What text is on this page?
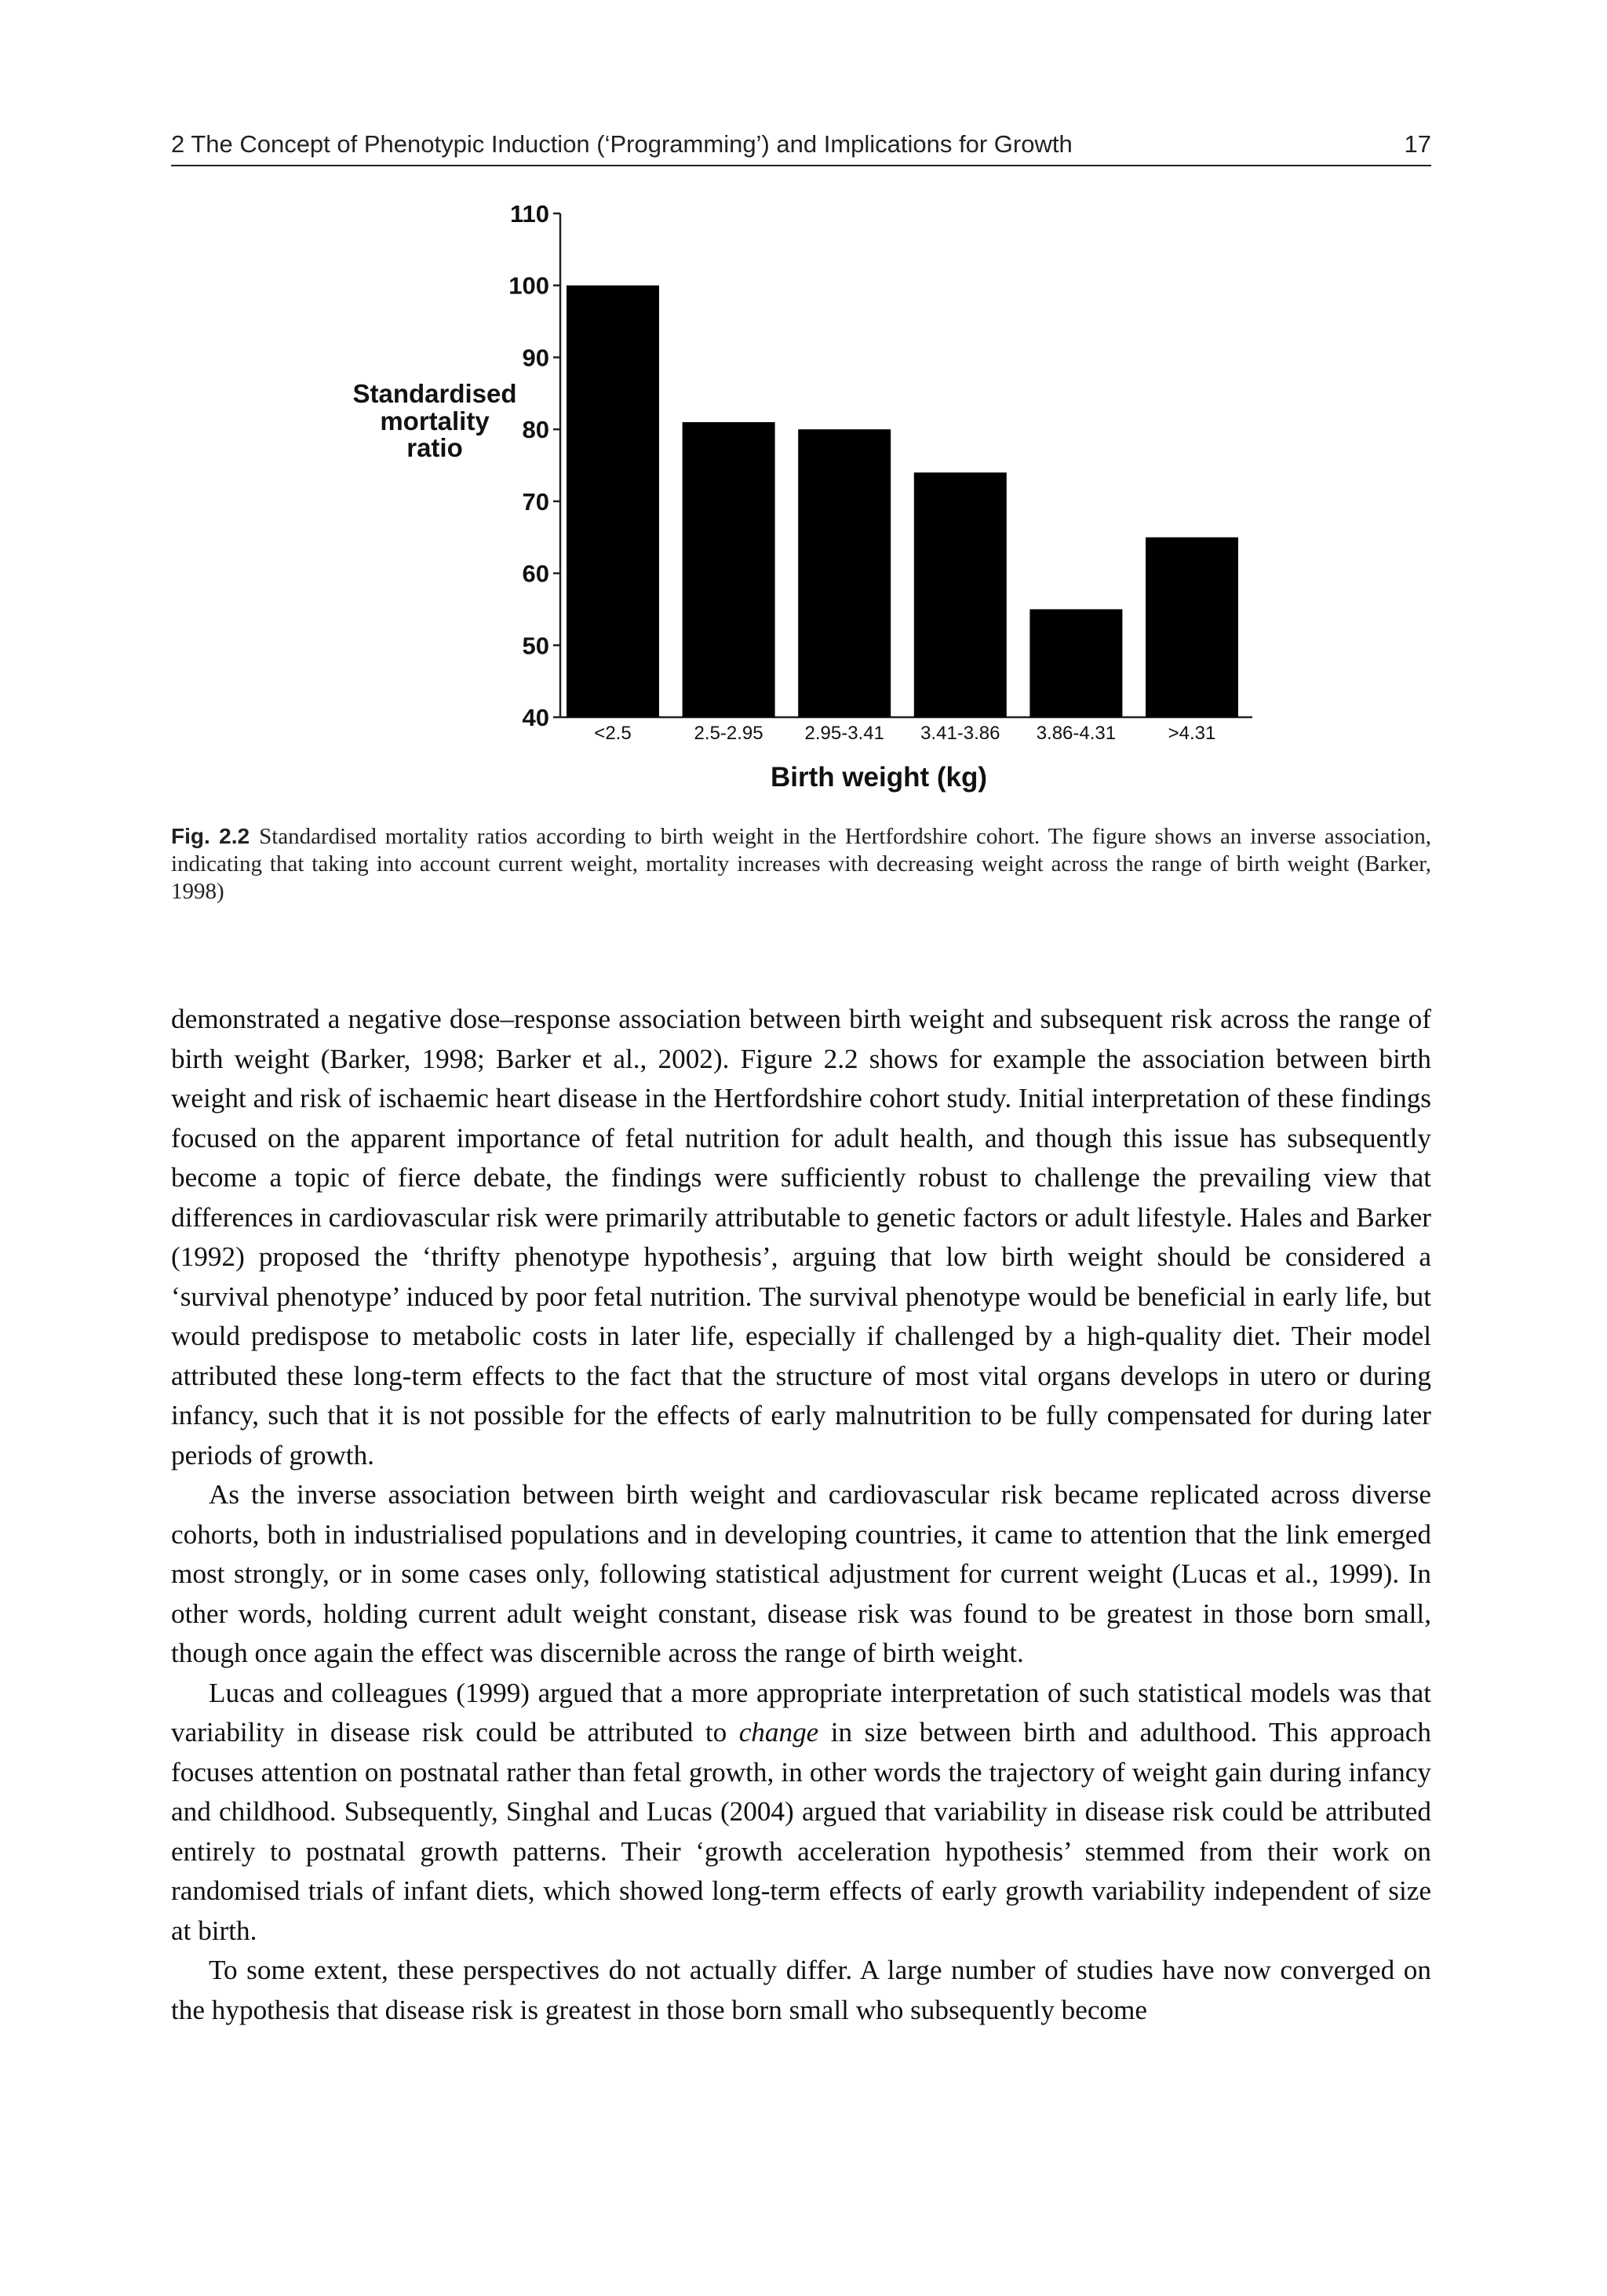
2 The Concept of Phenotypic Induction (‘Programming’) and Implications for Growth	17
Standardised
mortality
ratio
40
50
60
70
80
90
100
110
<2.5	2.5-2.95 2.95-3.41 3.41-3.86 3.86-4.31	>4.31
Birth weight (kg)
Fig. 2.2 Standardised mortality ratios according to birth weight in the Hertfordshire cohort. The figure shows an inverse association, indicating that taking into account current weight, mortality increases with decreasing weight across the range of birth weight (Barker, 1998)

demonstrated a negative dose–response association between birth weight and subsequent risk across the range of birth weight (Barker, 1998; Barker et al., 2002). Figure 2.2 shows for example the association between birth weight and risk of ischaemic heart disease in the Hertfordshire cohort study. Initial interpretation of these findings focused on the apparent importance of fetal nutrition for adult health, and though this issue has subsequently become a topic of fierce debate, the findings were sufficiently robust to challenge the prevailing view that differences in cardiovascular risk were primarily attributable to genetic factors or adult lifestyle. Hales and Barker (1992) proposed the ‘thrifty phenotype hypothesis’, arguing that low birth weight should be considered a ‘survival phenotype’ induced by poor fetal nutrition. The survival phenotype would be beneficial in early life, but would predispose to metabolic costs in later life, especially if challenged by a high-quality diet. Their model attributed these long-term effects to the fact that the structure of most vital organs develops in utero or during infancy, such that it is not possible for the effects of early malnutrition to be fully compensated for during later periods of growth.

As the inverse association between birth weight and cardiovascular risk became replicated across diverse cohorts, both in industrialised populations and in developing countries, it came to attention that the link emerged most strongly, or in some cases only, following statistical adjustment for current weight (Lucas et al., 1999). In other words, holding current adult weight constant, disease risk was found to be greatest in those born small, though once again the effect was discernible across the range of birth weight.

Lucas and colleagues (1999) argued that a more appropriate interpretation of such statistical models was that variability in disease risk could be attributed to change in size between birth and adulthood. This approach focuses attention on postnatal rather than fetal growth, in other words the trajectory of weight gain during infancy and childhood. Subsequently, Singhal and Lucas (2004) argued that variability in disease risk could be attributed entirely to postnatal growth patterns. Their ‘growth acceleration hypothesis’ stemmed from their work on randomised trials of infant diets, which showed long-term effects of early growth variability independent of size at birth.

To some extent, these perspectives do not actually differ. A large number of studies have now converged on the hypothesis that disease risk is greatest in those born small who subsequently become
